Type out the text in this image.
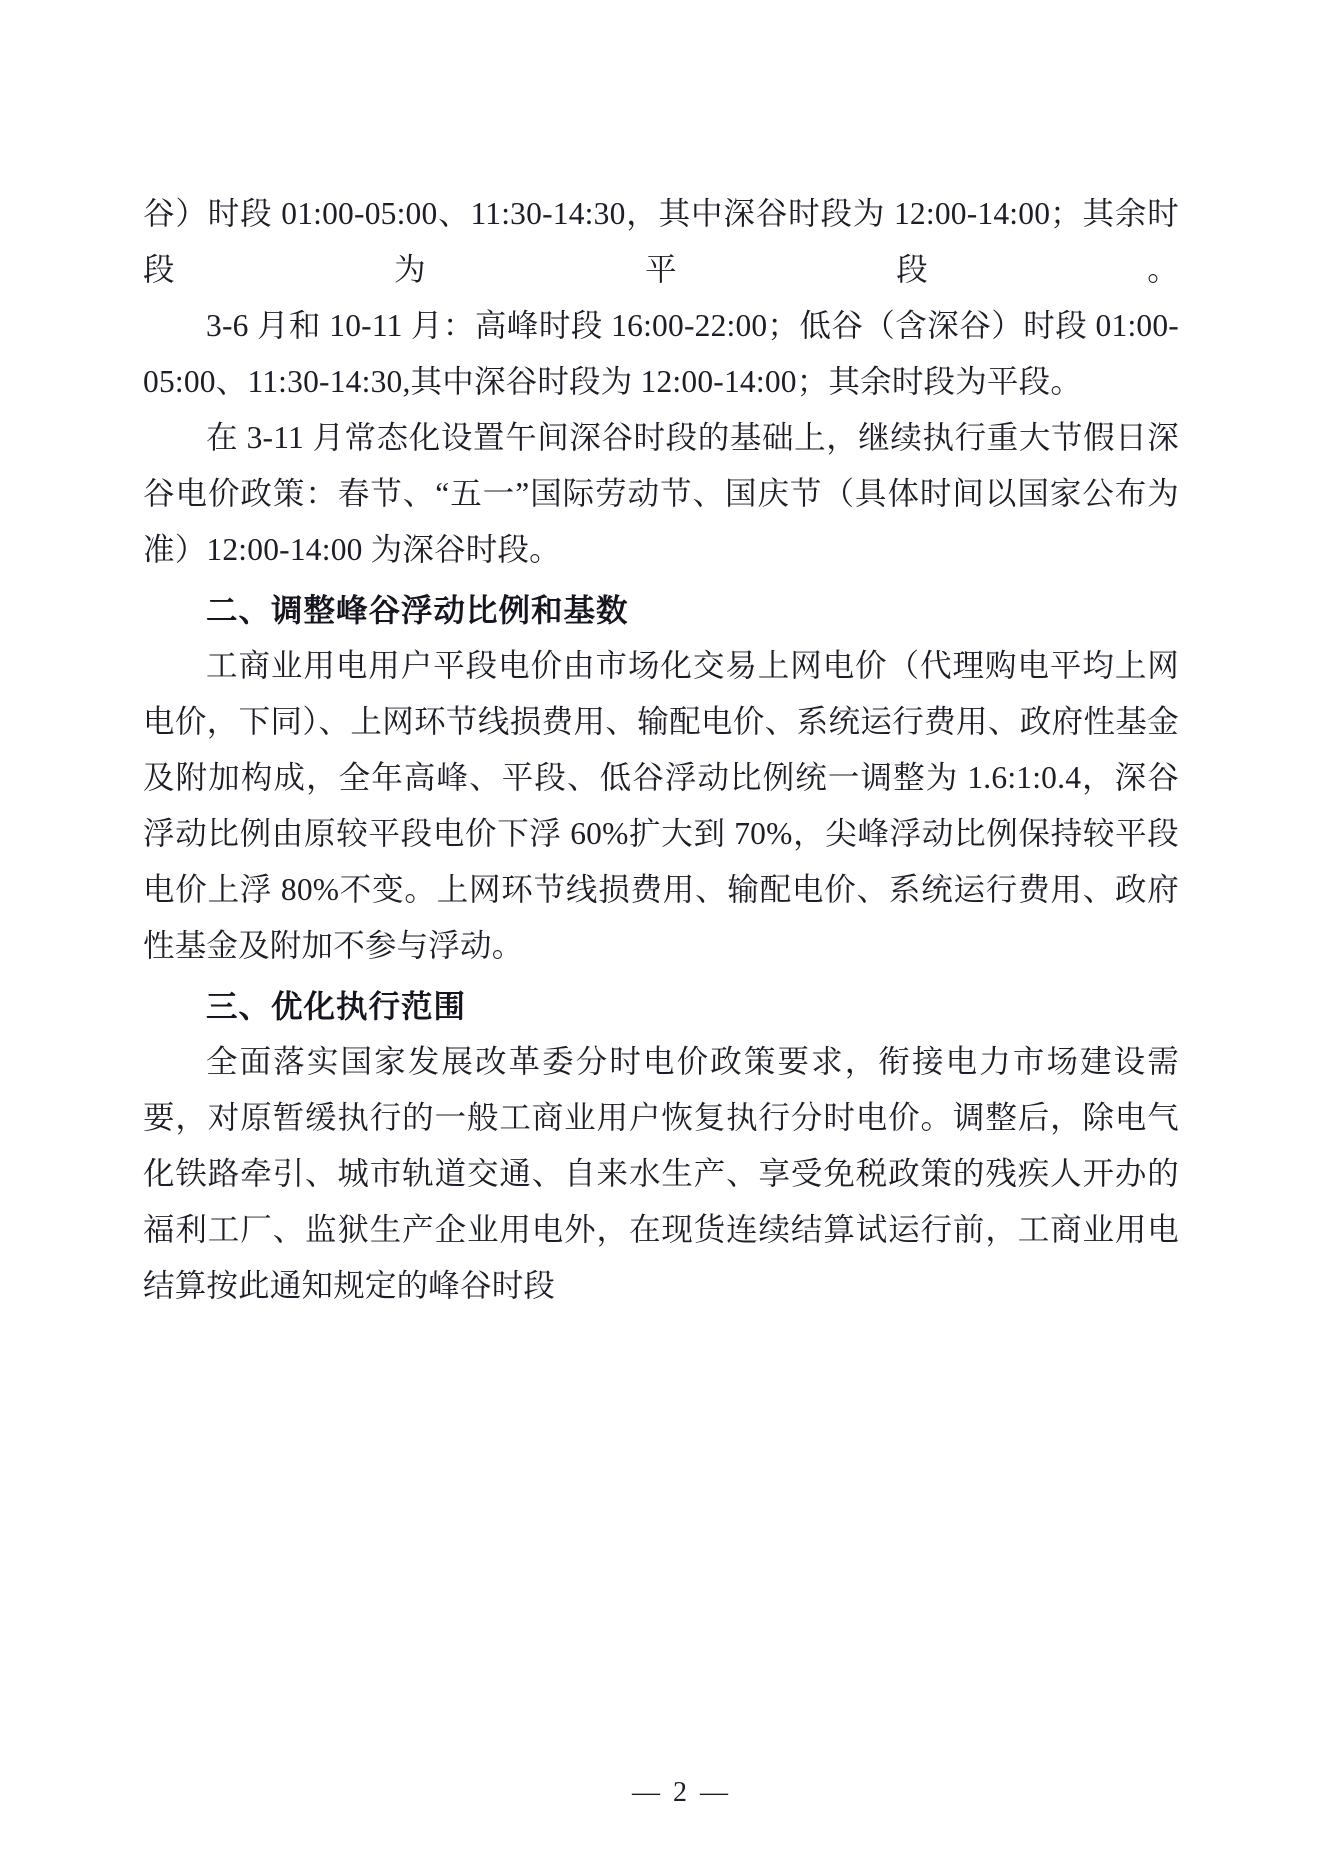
谷）时段 01:00-05:00、11:30-14:30，其中深谷时段为 12:00-14:00；其余时段为平段。

3-6 月和 10-11 月：高峰时段 16:00-22:00；低谷（含深谷）时段 01:00-05:00、11:30-14:30,其中深谷时段为 12:00-14:00；其余时段为平段。

在 3-11 月常态化设置午间深谷时段的基础上，继续执行重大节假日深谷电价政策：春节、“五一”国际劳动节、国庆节（具体时间以国家公布为准）12:00-14:00 为深谷时段。

二、调整峰谷浮动比例和基数

工商业用电用户平段电价由市场化交易上网电价（代理购电平均上网电价，下同）、上网环节线损费用、输配电价、系统运行费用、政府性基金及附加构成，全年高峰、平段、低谷浮动比例统一调整为 1.6:1:0.4，深谷浮动比例由原较平段电价下浮 60%扩大到 70%，尖峰浮动比例保持较平段电价上浮 80%不变。上网环节线损费用、输配电价、系统运行费用、政府性基金及附加不参与浮动。

三、优化执行范围

全面落实国家发展改革委分时电价政策要求，衔接电力市场建设需要，对原暂缓执行的一般工商业用户恢复执行分时电价。调整后，除电气化铁路牵引、城市轨道交通、自来水生产、享受免税政策的残疾人开办的福利工厂、监狱生产企业用电外，在现货连续结算试运行前，工商业用电结算按此通知规定的峰谷时段

— 2 —
